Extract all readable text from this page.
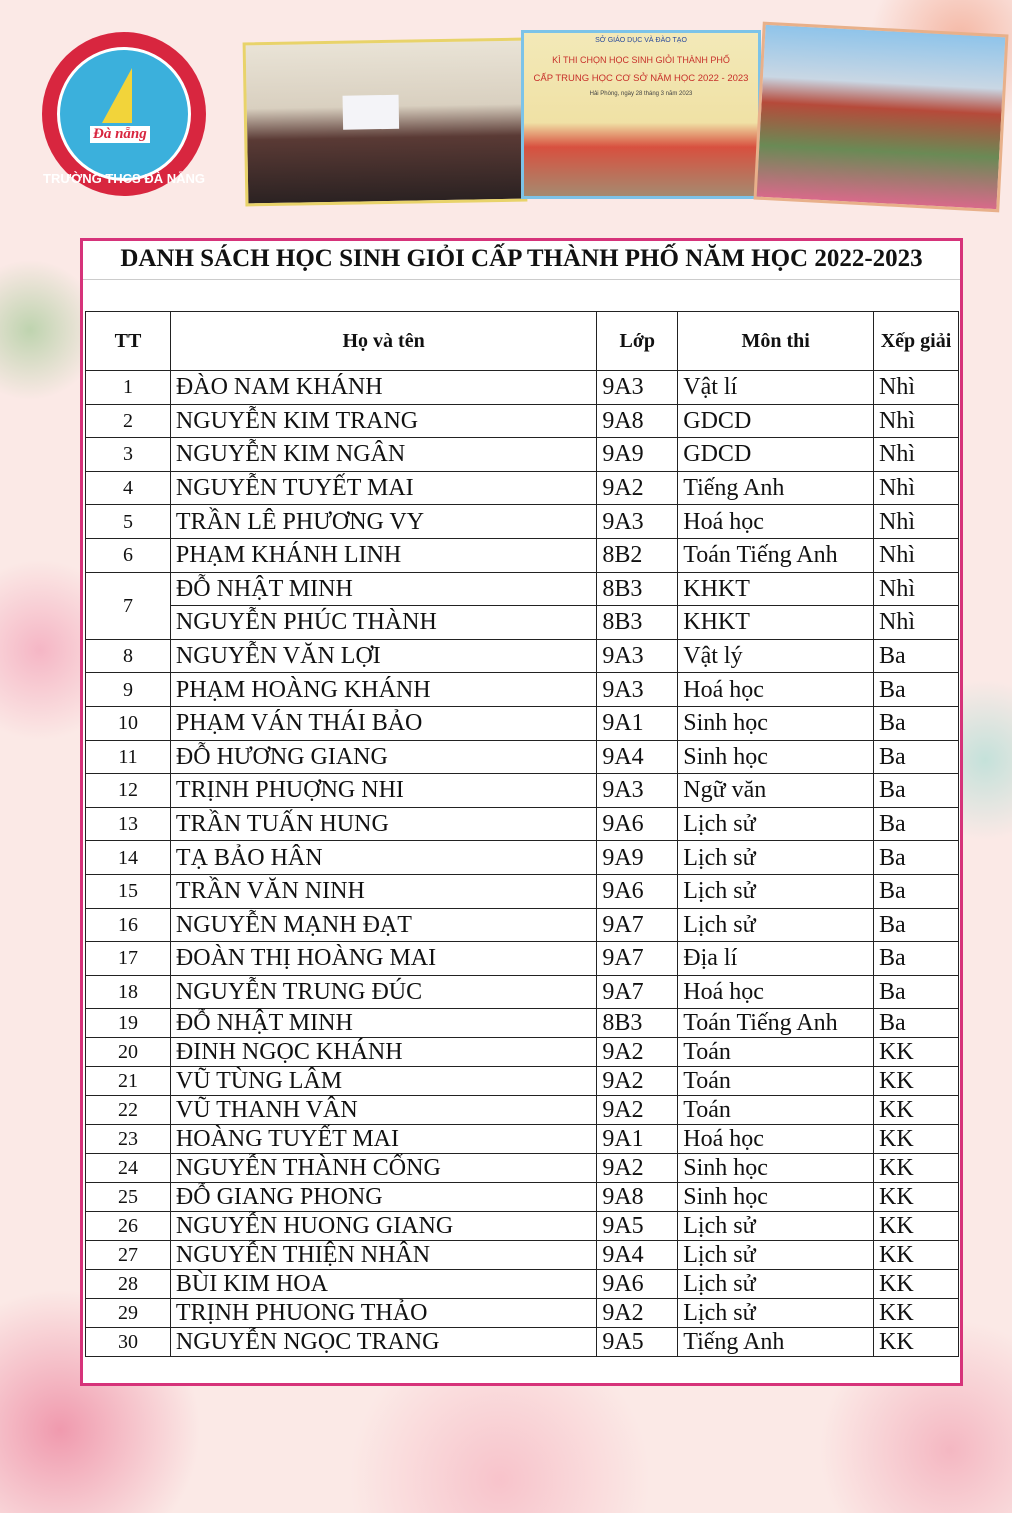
Đà nẵng
TRƯỜNG THCS ĐÀ NẴNG
SỞ GIÁO DỤC VÀ ĐÀO TẠO
KÌ THI CHỌN HỌC SINH GIỎI THÀNH PHỐ
CẤP TRUNG HỌC CƠ SỞ NĂM HỌC 2022 - 2023
Hải Phòng, ngày 28 tháng 3 năm 2023
DANH SÁCH HỌC SINH GIỎI CẤP THÀNH PHỐ NĂM HỌC 2022-2023
TT	Họ và tên	Lớp	Môn thi	Xếp giải
1	ĐÀO NAM KHÁNH	9A3	Vật lí	Nhì
2	NGUYỄN KIM TRANG	9A8	GDCD	Nhì
3	NGUYỄN KIM NGÂN	9A9	GDCD	Nhì
4	NGUYỄN TUYẾT MAI	9A2	Tiếng Anh	Nhì
5	TRẦN LÊ PHƯƠNG VY	9A3	Hoá học	Nhì
6	PHẠM KHÁNH LINH	8B2	Toán Tiếng Anh	Nhì
7	ĐỖ NHẬT MINH	8B3	KHKT	Nhì
	NGUYỄN PHÚC THÀNH	8B3	KHKT	Nhì
8	NGUYỄN VĂN LỢI	9A3	Vật lý	Ba
9	PHẠM HOÀNG KHÁNH	9A3	Hoá học	Ba
10	PHẠM VÁN THÁI BẢO	9A1	Sinh học	Ba
11	ĐỖ HƯƠNG GIANG	9A4	Sinh học	Ba
12	TRỊNH PHUỢNG NHI	9A3	Ngữ văn	Ba
13	TRẦN TUẤN HUNG	9A6	Lịch sử	Ba
14	TẠ BẢO HÂN	9A9	Lịch sử	Ba
15	TRẦN VĂN NINH	9A6	Lịch sử	Ba
16	NGUYỄN MẠNH ĐẠT	9A7	Lịch sử	Ba
17	ĐOÀN THỊ HOÀNG MAI	9A7	Địa lí	Ba
18	NGUYỄN TRUNG ĐÚC	9A7	Hoá học	Ba
19	ĐỖ NHẬT MINH	8B3	Toán Tiếng Anh	Ba
20	ĐINH NGỌC KHÁNH	9A2	Toán	KK
21	VŨ TÙNG LÂM	9A2	Toán	KK
22	VŨ THANH VÂN	9A2	Toán	KK
23	HOÀNG TUYẾT MAI	9A1	Hoá học	KK
24	NGUYỄN THÀNH CỔNG	9A2	Sinh học	KK
25	ĐỖ GIANG PHONG	9A8	Sinh học	KK
26	NGUYỄN HUONG GIANG	9A5	Lịch sử	KK
27	NGUYỄN THIỆN NHÂN	9A4	Lịch sử	KK
28	BÙI KIM HOA	9A6	Lịch sử	KK
29	TRỊNH PHUONG THẢO	9A2	Lịch sử	KK
30	NGUYỄN NGỌC TRANG	9A5	Tiếng Anh	KK
